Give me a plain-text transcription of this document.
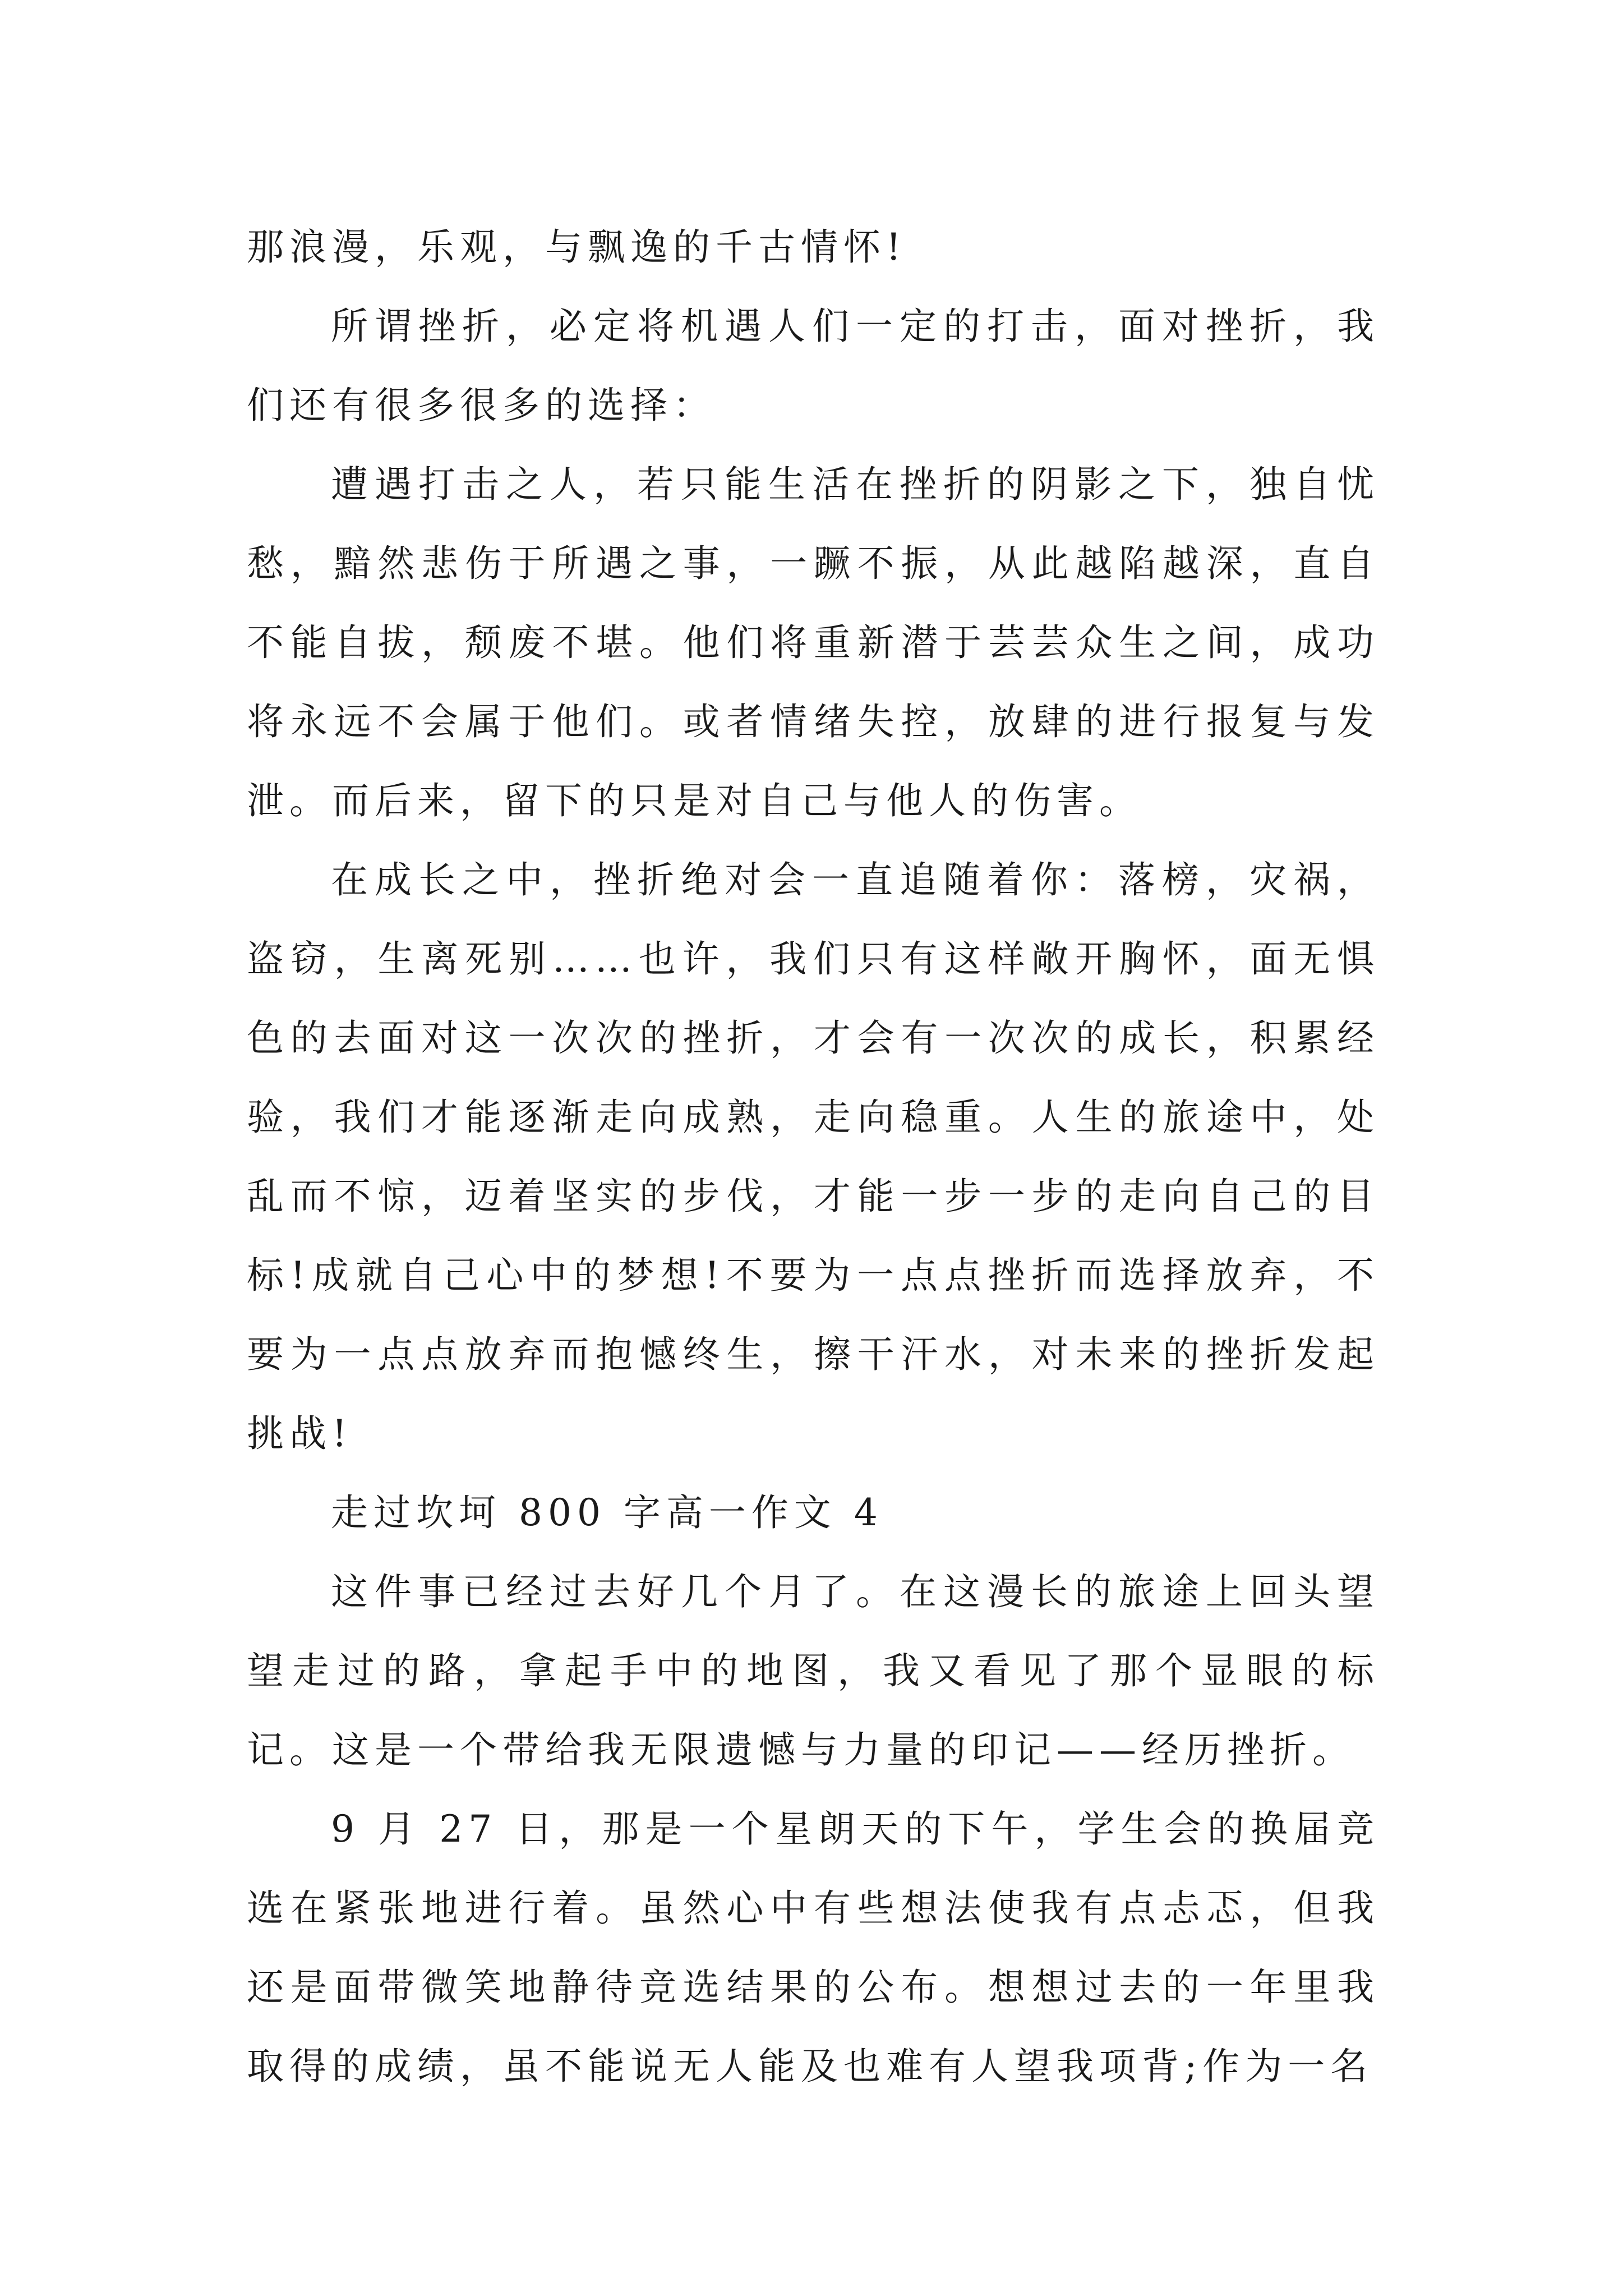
那浪漫，乐观，与飘逸的千古情怀!

所谓挫折，必定将机遇人们一定的打击，面对挫折，我们还有很多很多的选择：

遭遇打击之人，若只能生活在挫折的阴影之下，独自忧愁，黯然悲伤于所遇之事，一蹶不振，从此越陷越深，直自不能自拔，颓废不堪。他们将重新潜于芸芸众生之间，成功将永远不会属于他们。或者情绪失控，放肆的进行报复与发泄。而后来，留下的只是对自己与他人的伤害。

在成长之中，挫折绝对会一直追随着你：落榜，灾祸，盗窃，生离死别……也许，我们只有这样敞开胸怀，面无惧色的去面对这一次次的挫折，才会有一次次的成长，积累经验，我们才能逐渐走向成熟，走向稳重。人生的旅途中，处乱而不惊，迈着坚实的步伐，才能一步一步的走向自己的目标!成就自己心中的梦想!不要为一点点挫折而选择放弃，不要为一点点放弃而抱憾终生，擦干汗水，对未来的挫折发起挑战!

走过坎坷 800 字高一作文 4

这件事已经过去好几个月了。在这漫长的旅途上回头望望走过的路，拿起手中的地图，我又看见了那个显眼的标记。这是一个带给我无限遗憾与力量的印记——经历挫折。

9 月 27 日，那是一个星朗天的下午，学生会的换届竞选在紧张地进行着。虽然心中有些想法使我有点忐忑，但我还是面带微笑地静待竞选结果的公布。想想过去的一年里我取得的成绩，虽不能说无人能及也难有人望我项背;作为一名
